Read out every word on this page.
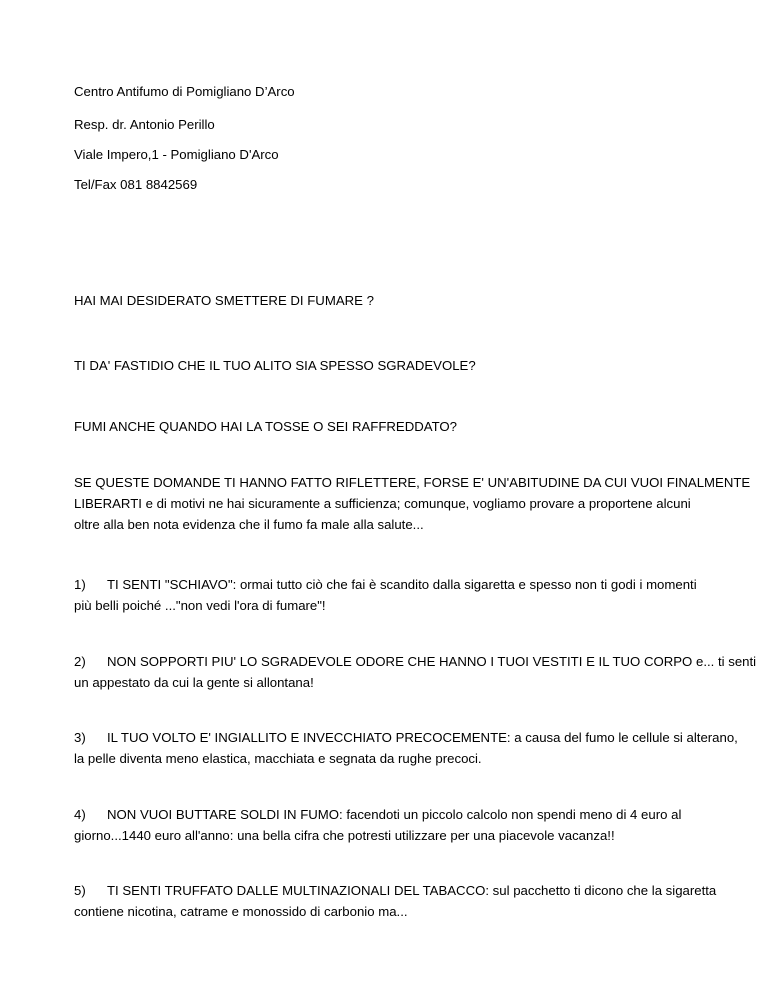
Centro Antifumo di Pomigliano D’Arco
Resp. dr. Antonio Perillo
Viale Impero,1 - Pomigliano D'Arco
Tel/Fax 081 8842569
HAI MAI DESIDERATO SMETTERE DI FUMARE ?
TI DA' FASTIDIO CHE IL TUO ALITO SIA SPESSO SGRADEVOLE?
FUMI ANCHE QUANDO HAI LA TOSSE O SEI RAFFREDDATO?
SE QUESTE DOMANDE TI HANNO FATTO RIFLETTERE, FORSE E' UN'ABITUDINE DA CUI VUOI FINALMENTE
LIBERARTI e di motivi ne hai sicuramente a sufficienza; comunque, vogliamo provare a proportene alcuni
oltre alla ben nota evidenza che il fumo fa male alla salute...
1) TI SENTI "SCHIAVO": ormai tutto ciò che fai è scandito dalla sigaretta e spesso non ti godi i momenti
più belli poiché ..."non vedi l'ora di fumare"!
2) NON SOPPORTI PIU' LO SGRADEVOLE ODORE CHE HANNO I TUOI VESTITI E IL TUO CORPO e... ti senti
un appestato da cui la gente si allontana!
3) IL TUO VOLTO E' INGIALLITO E INVECCHIATO PRECOCEMENTE: a causa del fumo le cellule si alterano,
la pelle diventa meno elastica, macchiata e segnata da rughe precoci.
4) NON VUOI BUTTARE SOLDI IN FUMO: facendoti un piccolo calcolo non spendi meno di 4 euro al
giorno...1440 euro all'anno: una bella cifra che potresti utilizzare per una piacevole vacanza!!
5) TI SENTI TRUFFATO DALLE MULTINAZIONALI DEL TABACCO: sul pacchetto ti dicono che la sigaretta
contiene nicotina, catrame e monossido di carbonio ma...
